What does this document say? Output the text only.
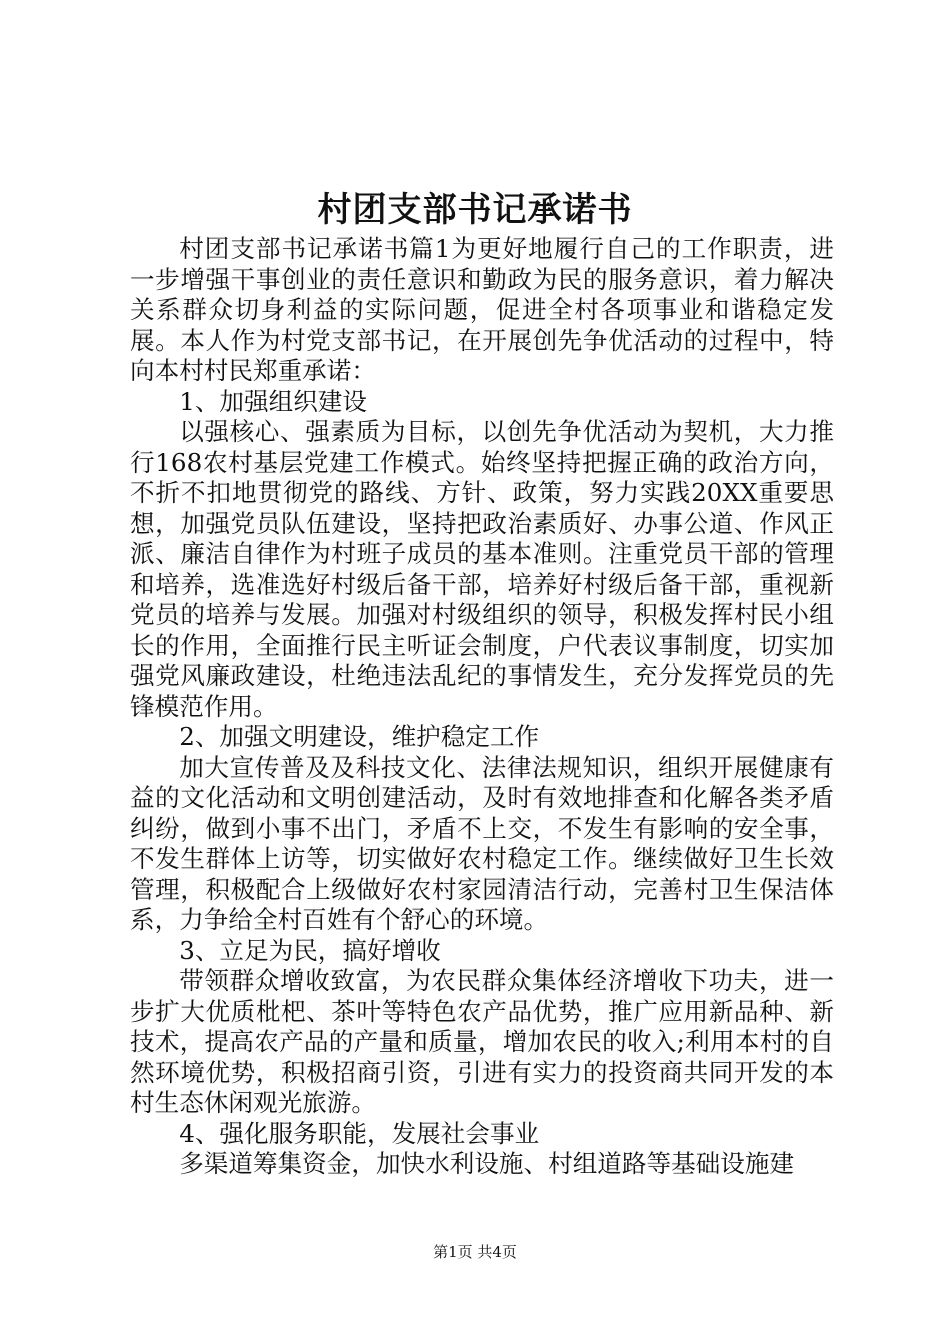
村团支部书记承诺书

村团支部书记承诺书篇1为更好地履行自己的工作职责，进一步增强干事创业的责任意识和勤政为民的服务意识，着力解决关系群众切身利益的实际问题，促进全村各项事业和谐稳定发展。本人作为村党支部书记，在开展创先争优活动的过程中，特向本村村民郑重承诺：

1、加强组织建设

以强核心、强素质为目标，以创先争优活动为契机，大力推行168农村基层党建工作模式。始终坚持把握正确的政治方向，不折不扣地贯彻党的路线、方针、政策，努力实践20XX重要思想，加强党员队伍建设，坚持把政治素质好、办事公道、作风正派、廉洁自律作为村班子成员的基本准则。注重党员干部的管理和培养，选准选好村级后备干部，培养好村级后备干部，重视新党员的培养与发展。加强对村级组织的领导，积极发挥村民小组长的作用，全面推行民主听证会制度，户代表议事制度，切实加强党风廉政建设，杜绝违法乱纪的事情发生，充分发挥党员的先锋模范作用。

2、加强文明建设，维护稳定工作

加大宣传普及及科技文化、法律法规知识，组织开展健康有益的文化活动和文明创建活动，及时有效地排查和化解各类矛盾纠纷，做到小事不出门，矛盾不上交，不发生有影响的安全事，不发生群体上访等，切实做好农村稳定工作。继续做好卫生长效管理，积极配合上级做好农村家园清洁行动，完善村卫生保洁体系，力争给全村百姓有个舒心的环境。

3、立足为民，搞好增收

带领群众增收致富，为农民群众集体经济增收下功夫，进一步扩大优质枇杷、茶叶等特色农产品优势，推广应用新品种、新技术，提高农产品的产量和质量，增加农民的收入;利用本村的自然环境优势，积极招商引资，引进有实力的投资商共同开发的本村生态休闲观光旅游。

4、强化服务职能，发展社会事业

多渠道筹集资金，加快水利设施、村组道路等基础设施建

第1页 共4页
